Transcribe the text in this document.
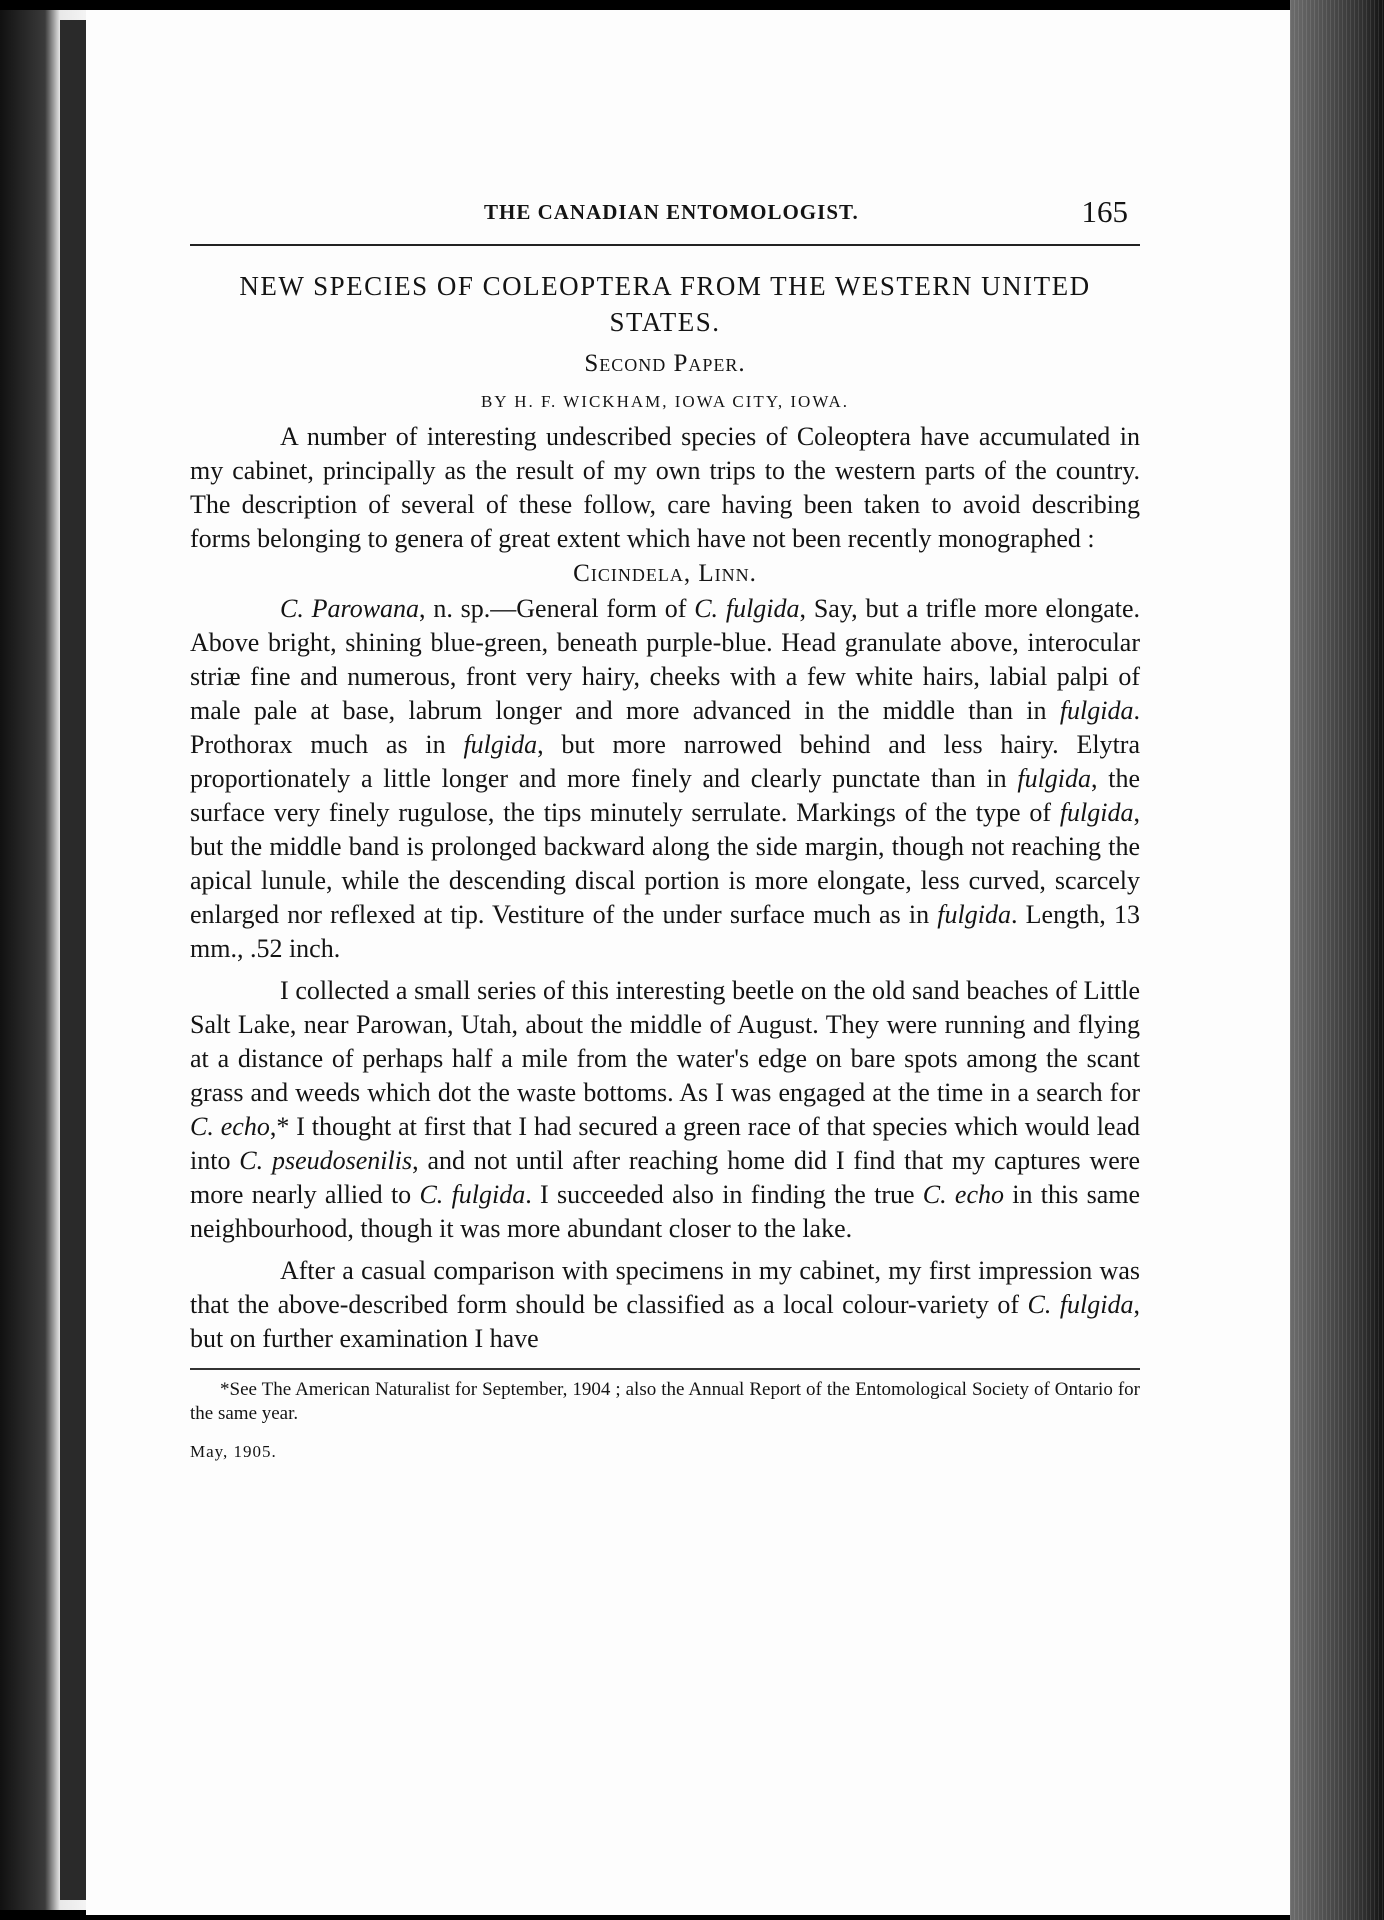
THE CANADIAN ENTOMOLOGIST.	165
NEW SPECIES OF COLEOPTERA FROM THE WESTERN UNITED STATES.
Second Paper.
BY H. F. WICKHAM, IOWA CITY, IOWA.

A number of interesting undescribed species of Coleoptera have accumulated in my cabinet, principally as the result of my own trips to the western parts of the country. The description of several of these follow, care having been taken to avoid describing forms belonging to genera of great extent which have not been recently monographed :

Cicindela, Linn.

C. Parowana, n. sp.—General form of C. fulgida, Say, but a trifle more elongate. Above bright, shining blue-green, beneath purple-blue. Head granulate above, interocular striæ fine and numerous, front very hairy, cheeks with a few white hairs, labial palpi of male pale at base, labrum longer and more advanced in the middle than in fulgida. Prothorax much as in fulgida, but more narrowed behind and less hairy. Elytra proportionately a little longer and more finely and clearly punctate than in fulgida, the surface very finely rugulose, the tips minutely serrulate. Markings of the type of fulgida, but the middle band is prolonged backward along the side margin, though not reaching the apical lunule, while the descending discal portion is more elongate, less curved, scarcely enlarged nor reflexed at tip. Vestiture of the under surface much as in fulgida. Length, 13 mm., .52 inch.

I collected a small series of this interesting beetle on the old sand beaches of Little Salt Lake, near Parowan, Utah, about the middle of August. They were running and flying at a distance of perhaps half a mile from the water's edge on bare spots among the scant grass and weeds which dot the waste bottoms. As I was engaged at the time in a search for C. echo,* I thought at first that I had secured a green race of that species which would lead into C. pseudosenilis, and not until after reaching home did I find that my captures were more nearly allied to C. fulgida. I succeeded also in finding the true C. echo in this same neighbourhood, though it was more abundant closer to the lake.

After a casual comparison with specimens in my cabinet, my first impression was that the above-described form should be classified as a local colour-variety of C. fulgida, but on further examination I have

*See The American Naturalist for September, 1904 ; also the Annual Report of the Entomological Society of Ontario for the same year.

May, 1905.
